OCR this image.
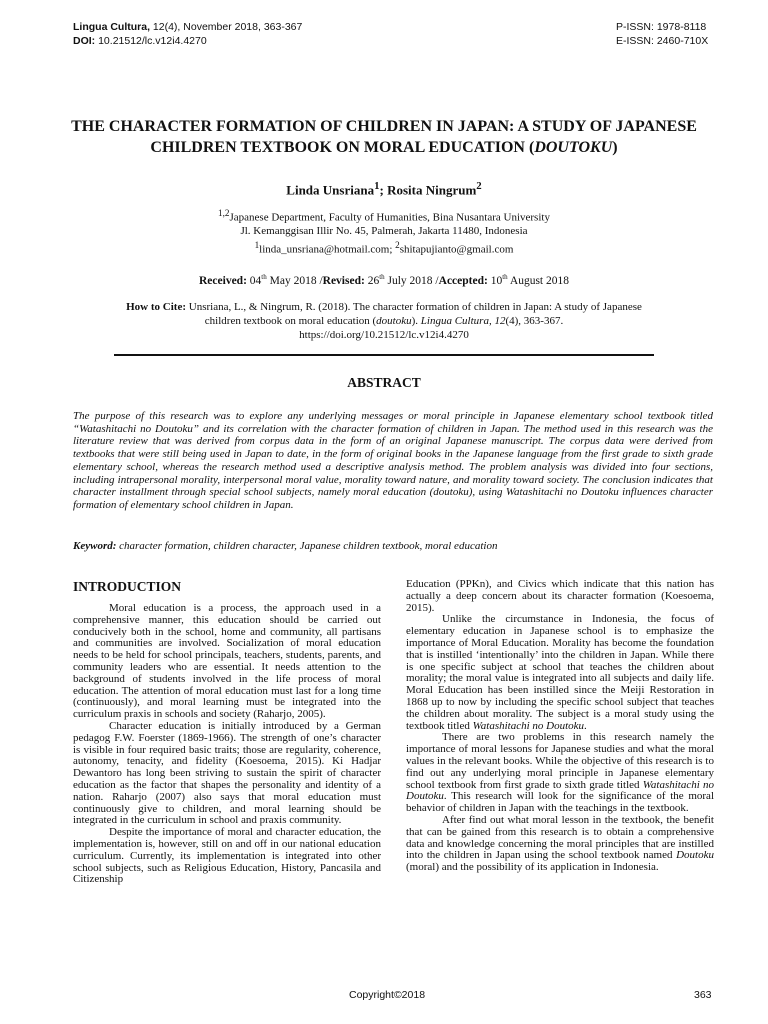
Lingua Cultura, 12(4), November 2018, 363-367
DOI: 10.21512/lc.v12i4.4270
P-ISSN: 1978-8118
E-ISSN: 2460-710X
THE CHARACTER FORMATION OF CHILDREN IN JAPAN: A STUDY OF JAPANESE CHILDREN TEXTBOOK ON MORAL EDUCATION (DOUTOKU)
Linda Unsriana$^1$; Rosita Ningrum$^2$
$^{1,2}$Japanese Department, Faculty of Humanities, Bina Nusantara University
Jl. Kemanggisan Illir No. 45, Palmerah, Jakarta 11480, Indonesia
$^1$linda_unsriana@hotmail.com; $^2$shitapujianto@gmail.com
Received: 04th May 2018 /Revised: 26th July 2018 /Accepted: 10th August 2018
How to Cite: Unsriana, L., & Ningrum, R. (2018). The character formation of children in Japan: A study of Japanese children textbook on moral education (doutoku). Lingua Cultura, 12(4), 363-367.
https://doi.org/10.21512/lc.v12i4.4270
ABSTRACT
The purpose of this research was to explore any underlying messages or moral principle in Japanese elementary school textbook titled “Watashitachi no Doutoku” and its correlation with the character formation of children in Japan. The method used in this research was the literature review that was derived from corpus data in the form of an original Japanese manuscript. The corpus data were derived from textbooks that were still being used in Japan to date, in the form of original books in the Japanese language from the first grade to sixth grade elementary school, whereas the research method used a descriptive analysis method. The problem analysis was divided into four sections, including intrapersonal morality, interpersonal moral value, morality toward nature, and morality toward society. The conclusion indicates that character installment through special school subjects, namely moral education (doutoku), using Watashitachi no Doutoku influences character formation of elementary school children in Japan.
Keyword: character formation, children character, Japanese children textbook, moral education
INTRODUCTION

Moral education is a process, the approach used in a comprehensive manner, this education should be carried out conducively both in the school, home and community, all partisans and communities are involved. Socialization of moral education needs to be held for school principals, teachers, students, parents, and community leaders who are essential. It needs attention to the background of students involved in the life process of moral education. The attention of moral education must last for a long time (continuously), and moral learning must be integrated into the curriculum praxis in schools and society (Raharjo, 2005).

Character education is initially introduced by a German pedagog F.W. Foerster (1869-1966). The strength of one’s character is visible in four required basic traits; those are regularity, coherence, autonomy, tenacity, and fidelity (Koesoema, 2015). Ki Hadjar Dewantoro has long been striving to sustain the spirit of character education as the factor that shapes the personality and identity of a nation. Raharjo (2007) also says that moral education must continuously give to children, and moral learning should be integrated in the curriculum in school and praxis community.

Despite the importance of moral and character education, the implementation is, however, still on and off in our national education curriculum. Currently, its implementation is integrated into other school subjects, such as Religious Education, History, Pancasila and Citizenship

Education (PPKn), and Civics which indicate that this nation has actually a deep concern about its character formation (Koesoema, 2015).

Unlike the circumstance in Indonesia, the focus of elementary education in Japanese school is to emphasize the importance of Moral Education. Morality has become the foundation that is instilled ‘intentionally’ into the children in Japan. While there is one specific subject at school that teaches the children about morality; the moral value is integrated into all subjects and daily life. Moral Education has been instilled since the Meiji Restoration in 1868 up to now by including the specific school subject that teaches the children about morality. The subject is a moral study using the textbook titled Watashitachi no Doutoku.

There are two problems in this research namely the importance of moral lessons for Japanese studies and what the moral values in the relevant books. While the objective of this research is to find out any underlying moral principle in Japanese elementary school textbook from first grade to sixth grade titled Watashitachi no Doutoku. This research will look for the significance of the moral behavior of children in Japan with the teachings in the textbook.

After find out what moral lesson in the textbook, the benefit that can be gained from this research is to obtain a comprehensive data and knowledge concerning the moral principles that are instilled into the children in Japan using the school textbook named Doutoku (moral) and the possibility of its application in Indonesia.

Copyright©2018	363
